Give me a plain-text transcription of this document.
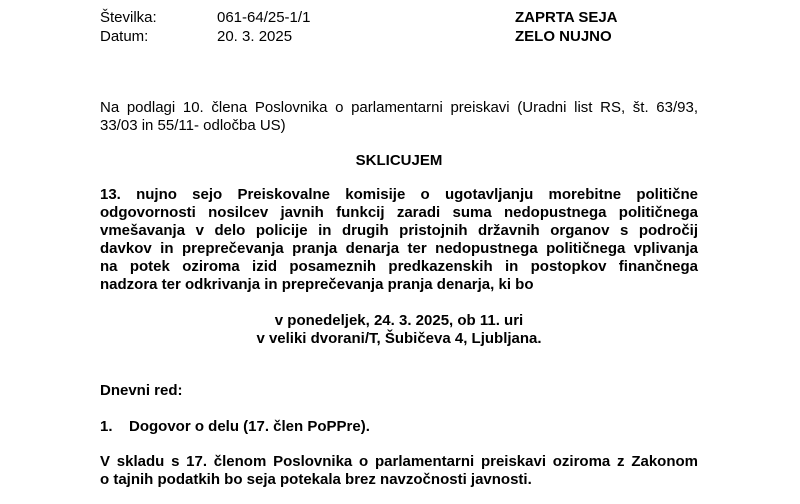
Številka:	061-64/25-1/1	ZAPRTA SEJA
Datum:	20. 3. 2025	ZELO NUJNO
Na podlagi 10. člena Poslovnika o parlamentarni preiskavi (Uradni list RS, št. 63/93,
33/03 in 55/11- odločba US)
SKLICUJEM
13. nujno sejo Preiskovalne komisije o ugotavljanju morebitne politične
odgovornosti nosilcev javnih funkcij zaradi suma nedopustnega političnega
vmešavanja v delo policije in drugih pristojnih državnih organov s področij
davkov in preprečevanja pranja denarja ter nedopustnega političnega vplivanja
na potek oziroma izid posameznih predkazenskih in postopkov finančnega
nadzora ter odkrivanja in preprečevanja pranja denarja, ki bo
v ponedeljek, 24. 3. 2025, ob 11. uri
v veliki dvorani/T, Šubičeva 4, Ljubljana.
Dnevni red:
1. Dogovor o delu (17. člen PoPPre).
V skladu s 17. členom Poslovnika o parlamentarni preiskavi oziroma z Zakonom
o tajnih podatkih bo seja potekala brez navzočnosti javnosti.
